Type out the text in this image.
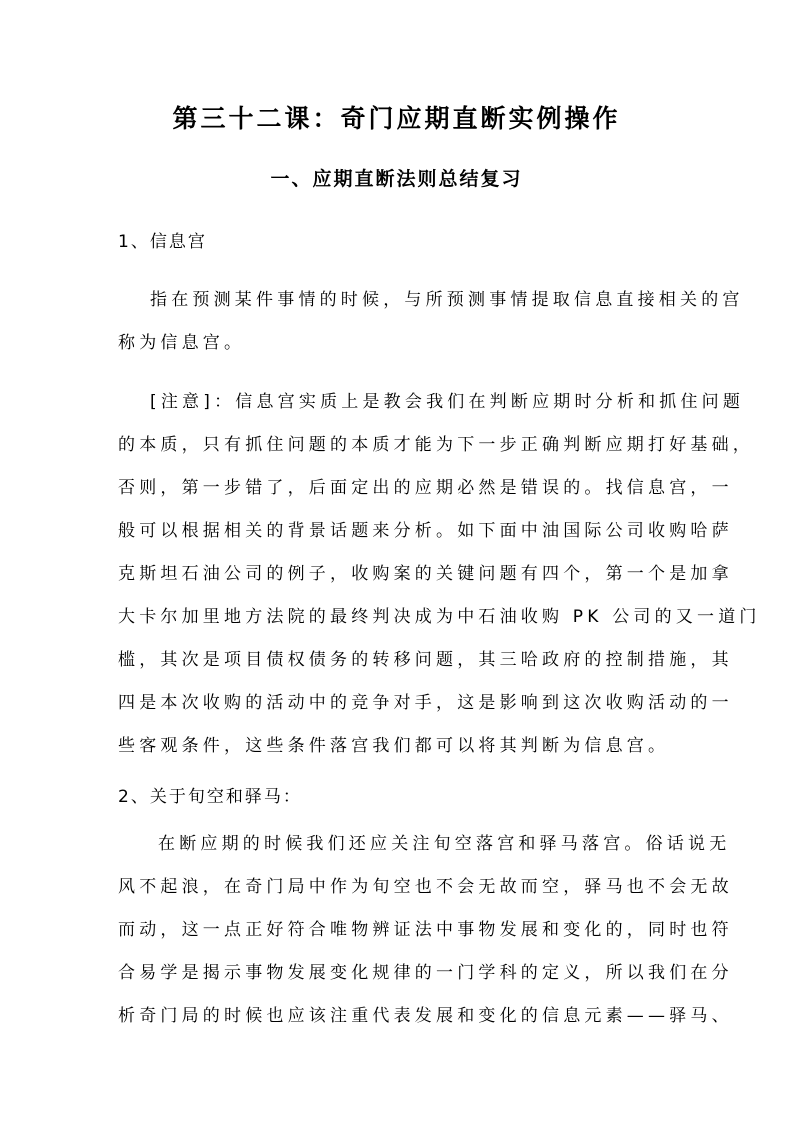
第三十二课：奇门应期直断实例操作
一、应期直断法则总结复习
1、信息宫
指在预测某件事情的时候，与所预测事情提取信息直接相关的宫
称为信息宫。
[注意]：信息宫实质上是教会我们在判断应期时分析和抓住问题
的本质，只有抓住问题的本质才能为下一步正确判断应期打好基础，
否则，第一步错了，后面定出的应期必然是错误的。找信息宫，一
般可以根据相关的背景话题来分析。如下面中油国际公司收购哈萨
克斯坦石油公司的例子，收购案的关键问题有四个，第一个是加拿
大卡尔加里地方法院的最终判决成为中石油收购 PK 公司的又一道门
槛，其次是项目债权债务的转移问题，其三哈政府的控制措施，其
四是本次收购的活动中的竞争对手，这是影响到这次收购活动的一
些客观条件，这些条件落宫我们都可以将其判断为信息宫。
2、关于旬空和驿马：
在断应期的时候我们还应关注旬空落宫和驿马落宫。俗话说无
风不起浪，在奇门局中作为旬空也不会无故而空，驿马也不会无故
而动，这一点正好符合唯物辨证法中事物发展和变化的，同时也符
合易学是揭示事物发展变化规律的一门学科的定义，所以我们在分
析奇门局的时候也应该注重代表发展和变化的信息元素——驿马、
